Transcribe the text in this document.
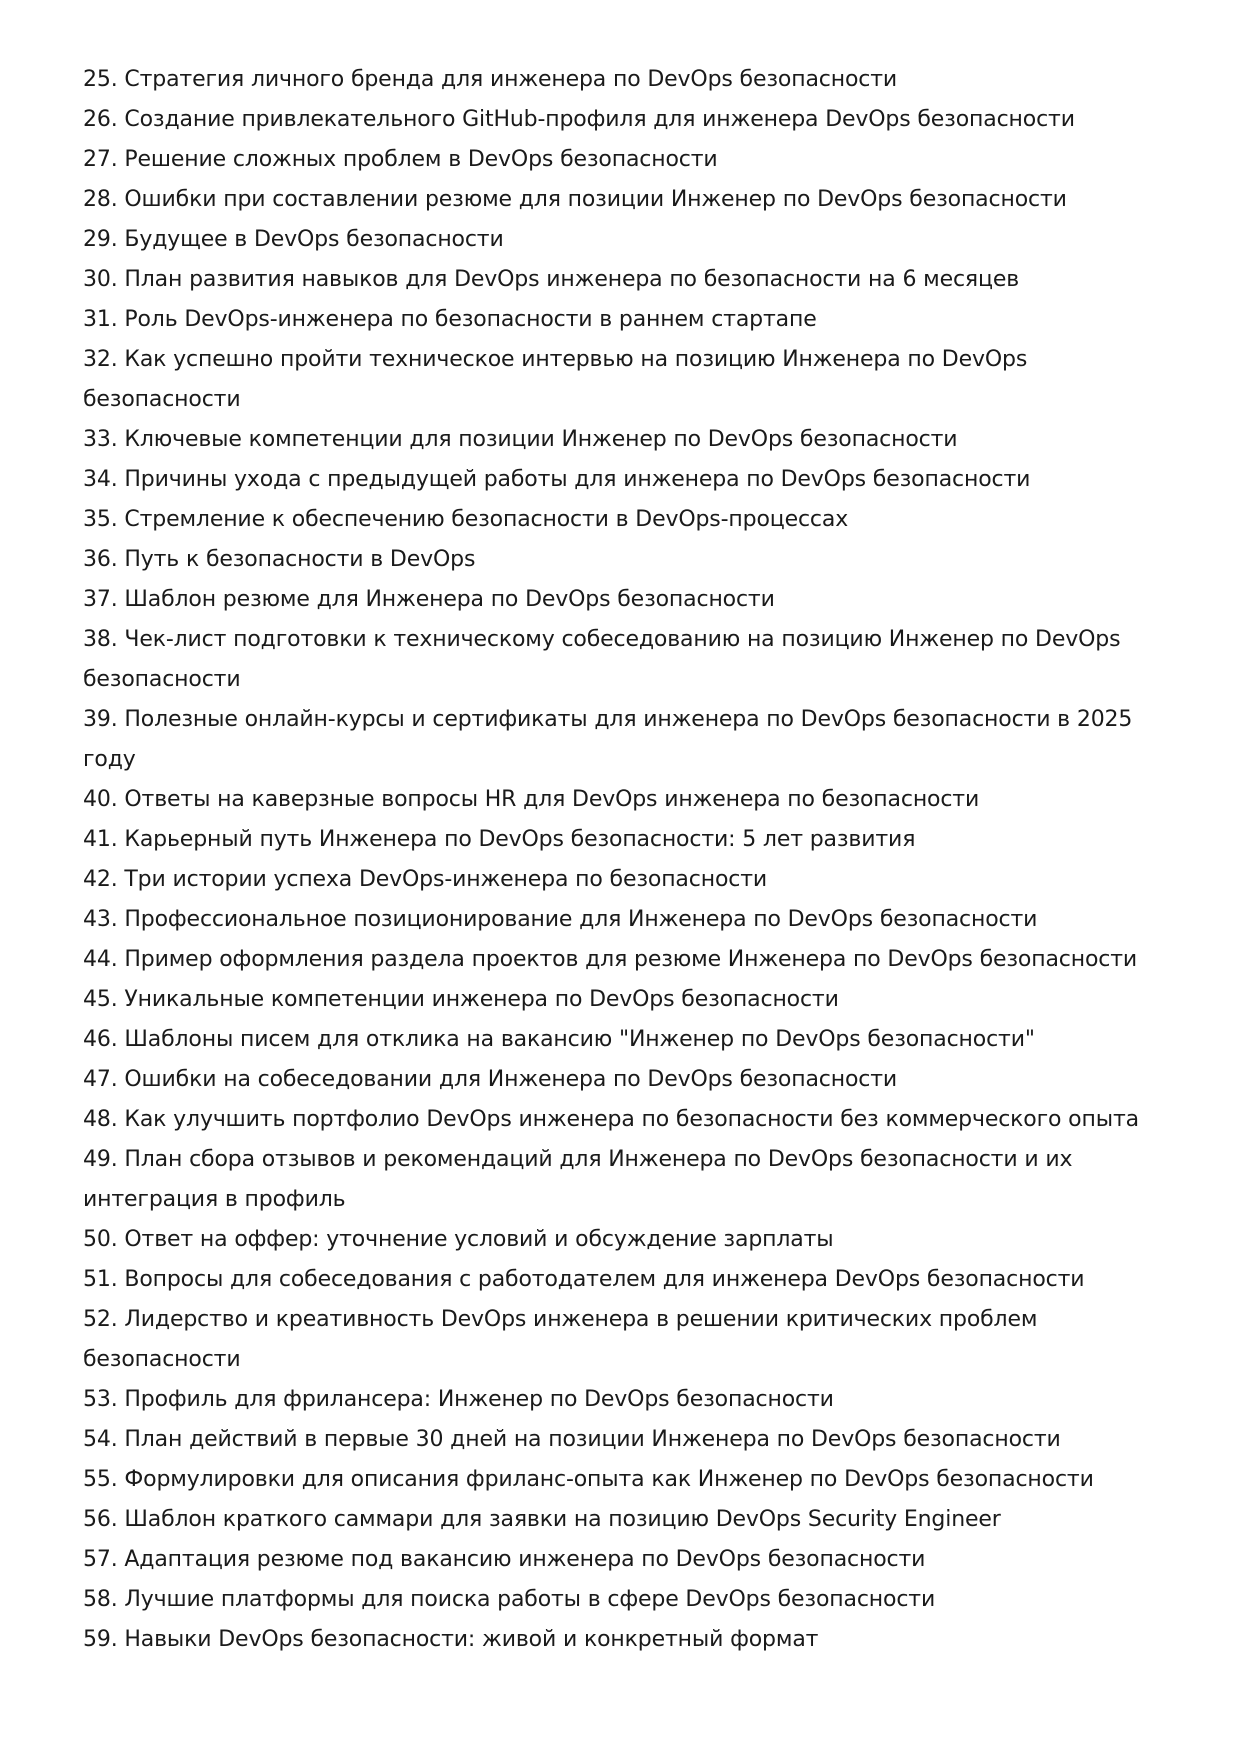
25. Стратегия личного бренда для инженера по DevOps безопасности

26. Создание привлекательного GitHub-профиля для инженера DevOps безопасности

27. Решение сложных проблем в DevOps безопасности

28. Ошибки при составлении резюме для позиции Инженер по DevOps безопасности

29. Будущее в DevOps безопасности

30. План развития навыков для DevOps инженера по безопасности на 6 месяцев

31. Роль DevOps-инженера по безопасности в раннем стартапе

32. Как успешно пройти техническое интервью на позицию Инженера по DevOps безопасности

33. Ключевые компетенции для позиции Инженер по DevOps безопасности

34. Причины ухода с предыдущей работы для инженера по DevOps безопасности

35. Стремление к обеспечению безопасности в DevOps-процессах

36. Путь к безопасности в DevOps

37. Шаблон резюме для Инженера по DevOps безопасности

38. Чек-лист подготовки к техническому собеседованию на позицию Инженер по DevOps безопасности

39. Полезные онлайн-курсы и сертификаты для инженера по DevOps безопасности в 2025 году

40. Ответы на каверзные вопросы HR для DevOps инженера по безопасности

41. Карьерный путь Инженера по DevOps безопасности: 5 лет развития

42. Три истории успеха DevOps-инженера по безопасности

43. Профессиональное позиционирование для Инженера по DevOps безопасности

44. Пример оформления раздела проектов для резюме Инженера по DevOps безопасности

45. Уникальные компетенции инженера по DevOps безопасности

46. Шаблоны писем для отклика на вакансию "Инженер по DevOps безопасности"

47. Ошибки на собеседовании для Инженера по DevOps безопасности

48. Как улучшить портфолио DevOps инженера по безопасности без коммерческого опыта

49. План сбора отзывов и рекомендаций для Инженера по DevOps безопасности и их интеграция в профиль

50. Ответ на оффер: уточнение условий и обсуждение зарплаты

51. Вопросы для собеседования с работодателем для инженера DevOps безопасности

52. Лидерство и креативность DevOps инженера в решении критических проблем безопасности

53. Профиль для фрилансера: Инженер по DevOps безопасности

54. План действий в первые 30 дней на позиции Инженера по DevOps безопасности

55. Формулировки для описания фриланс-опыта как Инженер по DevOps безопасности

56. Шаблон краткого саммари для заявки на позицию DevOps Security Engineer

57. Адаптация резюме под вакансию инженера по DevOps безопасности

58. Лучшие платформы для поиска работы в сфере DevOps безопасности

59. Навыки DevOps безопасности: живой и конкретный формат
